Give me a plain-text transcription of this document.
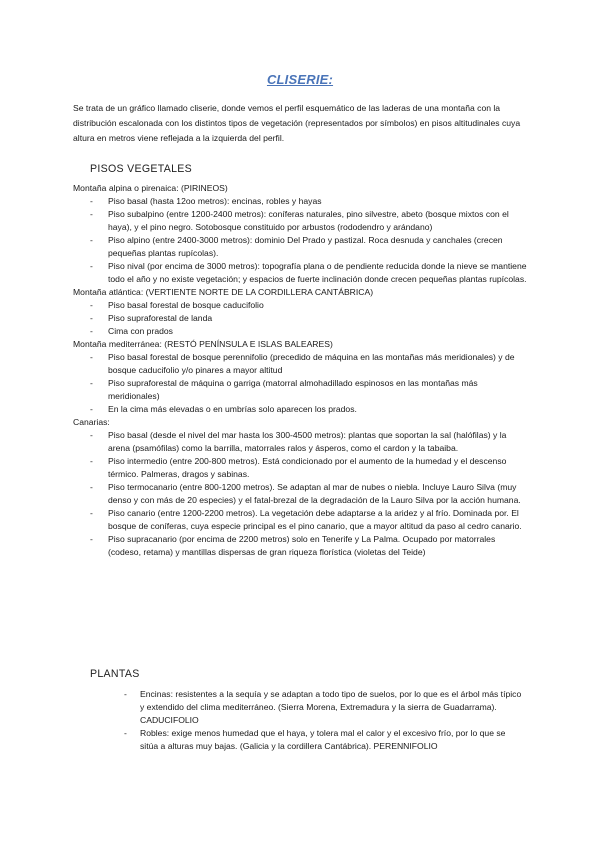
CLISERIE:

Se trata de un gráfico llamado cliserie, donde vemos el perfil esquemático de las laderas de una montaña con la distribución escalonada con los distintos tipos de vegetación (representados por símbolos) en pisos altitudinales cuya altura en metros viene reflejada a la izquierda del perfil.

PISOS VEGETALES

Montaña alpina o pirenaica: (PIRINEOS)

- Piso basal (hasta 12oo metros): encinas, robles y hayas
- Piso subalpino (entre 1200-2400 metros): coníferas naturales, pino silvestre, abeto (bosque mixtos con el haya), y el pino negro. Sotobosque constituido por arbustos (rododendro y arándano)
- Piso alpino (entre 2400-3000 metros): dominio Del Prado y pastizal. Roca desnuda y canchales (crecen pequeñas plantas rupícolas).
- Piso nival (por encima de 3000 metros): topografía plana o de pendiente reducida donde la nieve se mantiene todo el año y no existe vegetación; y espacios de fuerte inclinación donde crecen pequeñas plantas rupícolas.

Montaña atlántica: (VERTIENTE NORTE DE LA CORDILLERA CANTÁBRICA)

- Piso basal forestal de bosque caducifolio
- Piso supraforestal de landa
- Cima con prados

Montaña mediterránea: (RESTÓ PENÍNSULA E ISLAS BALEARES)

- Piso basal forestal de bosque perennifolio (precedido de máquina en las montañas más meridionales) y de bosque caducifolio y/o pinares a mayor altitud
- Piso supraforestal de máquina o garriga (matorral almohadillado espinosos en las montañas más meridionales)
- En la cima más elevadas o en umbrías solo aparecen los prados.

Canarias:

- Piso basal (desde el nivel del mar hasta los 300-4500 metros): plantas que soportan la sal (halófilas) y la arena (psamófilas) como la barrilla, matorrales ralos y ásperos, como el cardon y la tabaiba.
- Piso intermedio (entre 200-800 metros). Está condicionado por el aumento de la humedad y el descenso térmico. Palmeras, dragos y sabinas.
- Piso termocanario (entre 800-1200 metros). Se adaptan al mar de nubes o niebla. Incluye Lauro Silva (muy denso y con más de 20 especies) y el fatal-brezal de la degradación de la Lauro Silva por la acción humana.
- Piso canario (entre 1200-2200 metros). La vegetación debe adaptarse a la aridez y al frío. Dominada por. El bosque de coníferas, cuya especie principal es el pino canario, que a mayor altitud da paso al cedro canario.
- Piso supracanario (por encima de 2200 metros) solo en Tenerife y La Palma. Ocupado por matorrales (codeso, retama) y mantillas dispersas de gran riqueza florística (violetas del Teide)
PLANTAS
- Encinas: resistentes a la sequía y se adaptan a todo tipo de suelos, por lo que es el árbol más típico y extendido del clima mediterráneo. (Sierra Morena, Extremadura y la sierra de Guadarrama). CADUCIFOLIO
- Robles: exige menos humedad que el haya, y tolera mal el calor y el excesivo frío, por lo que se sitúa a alturas muy bajas. (Galicia y la cordillera Cantábrica). PERENNIFOLIO
